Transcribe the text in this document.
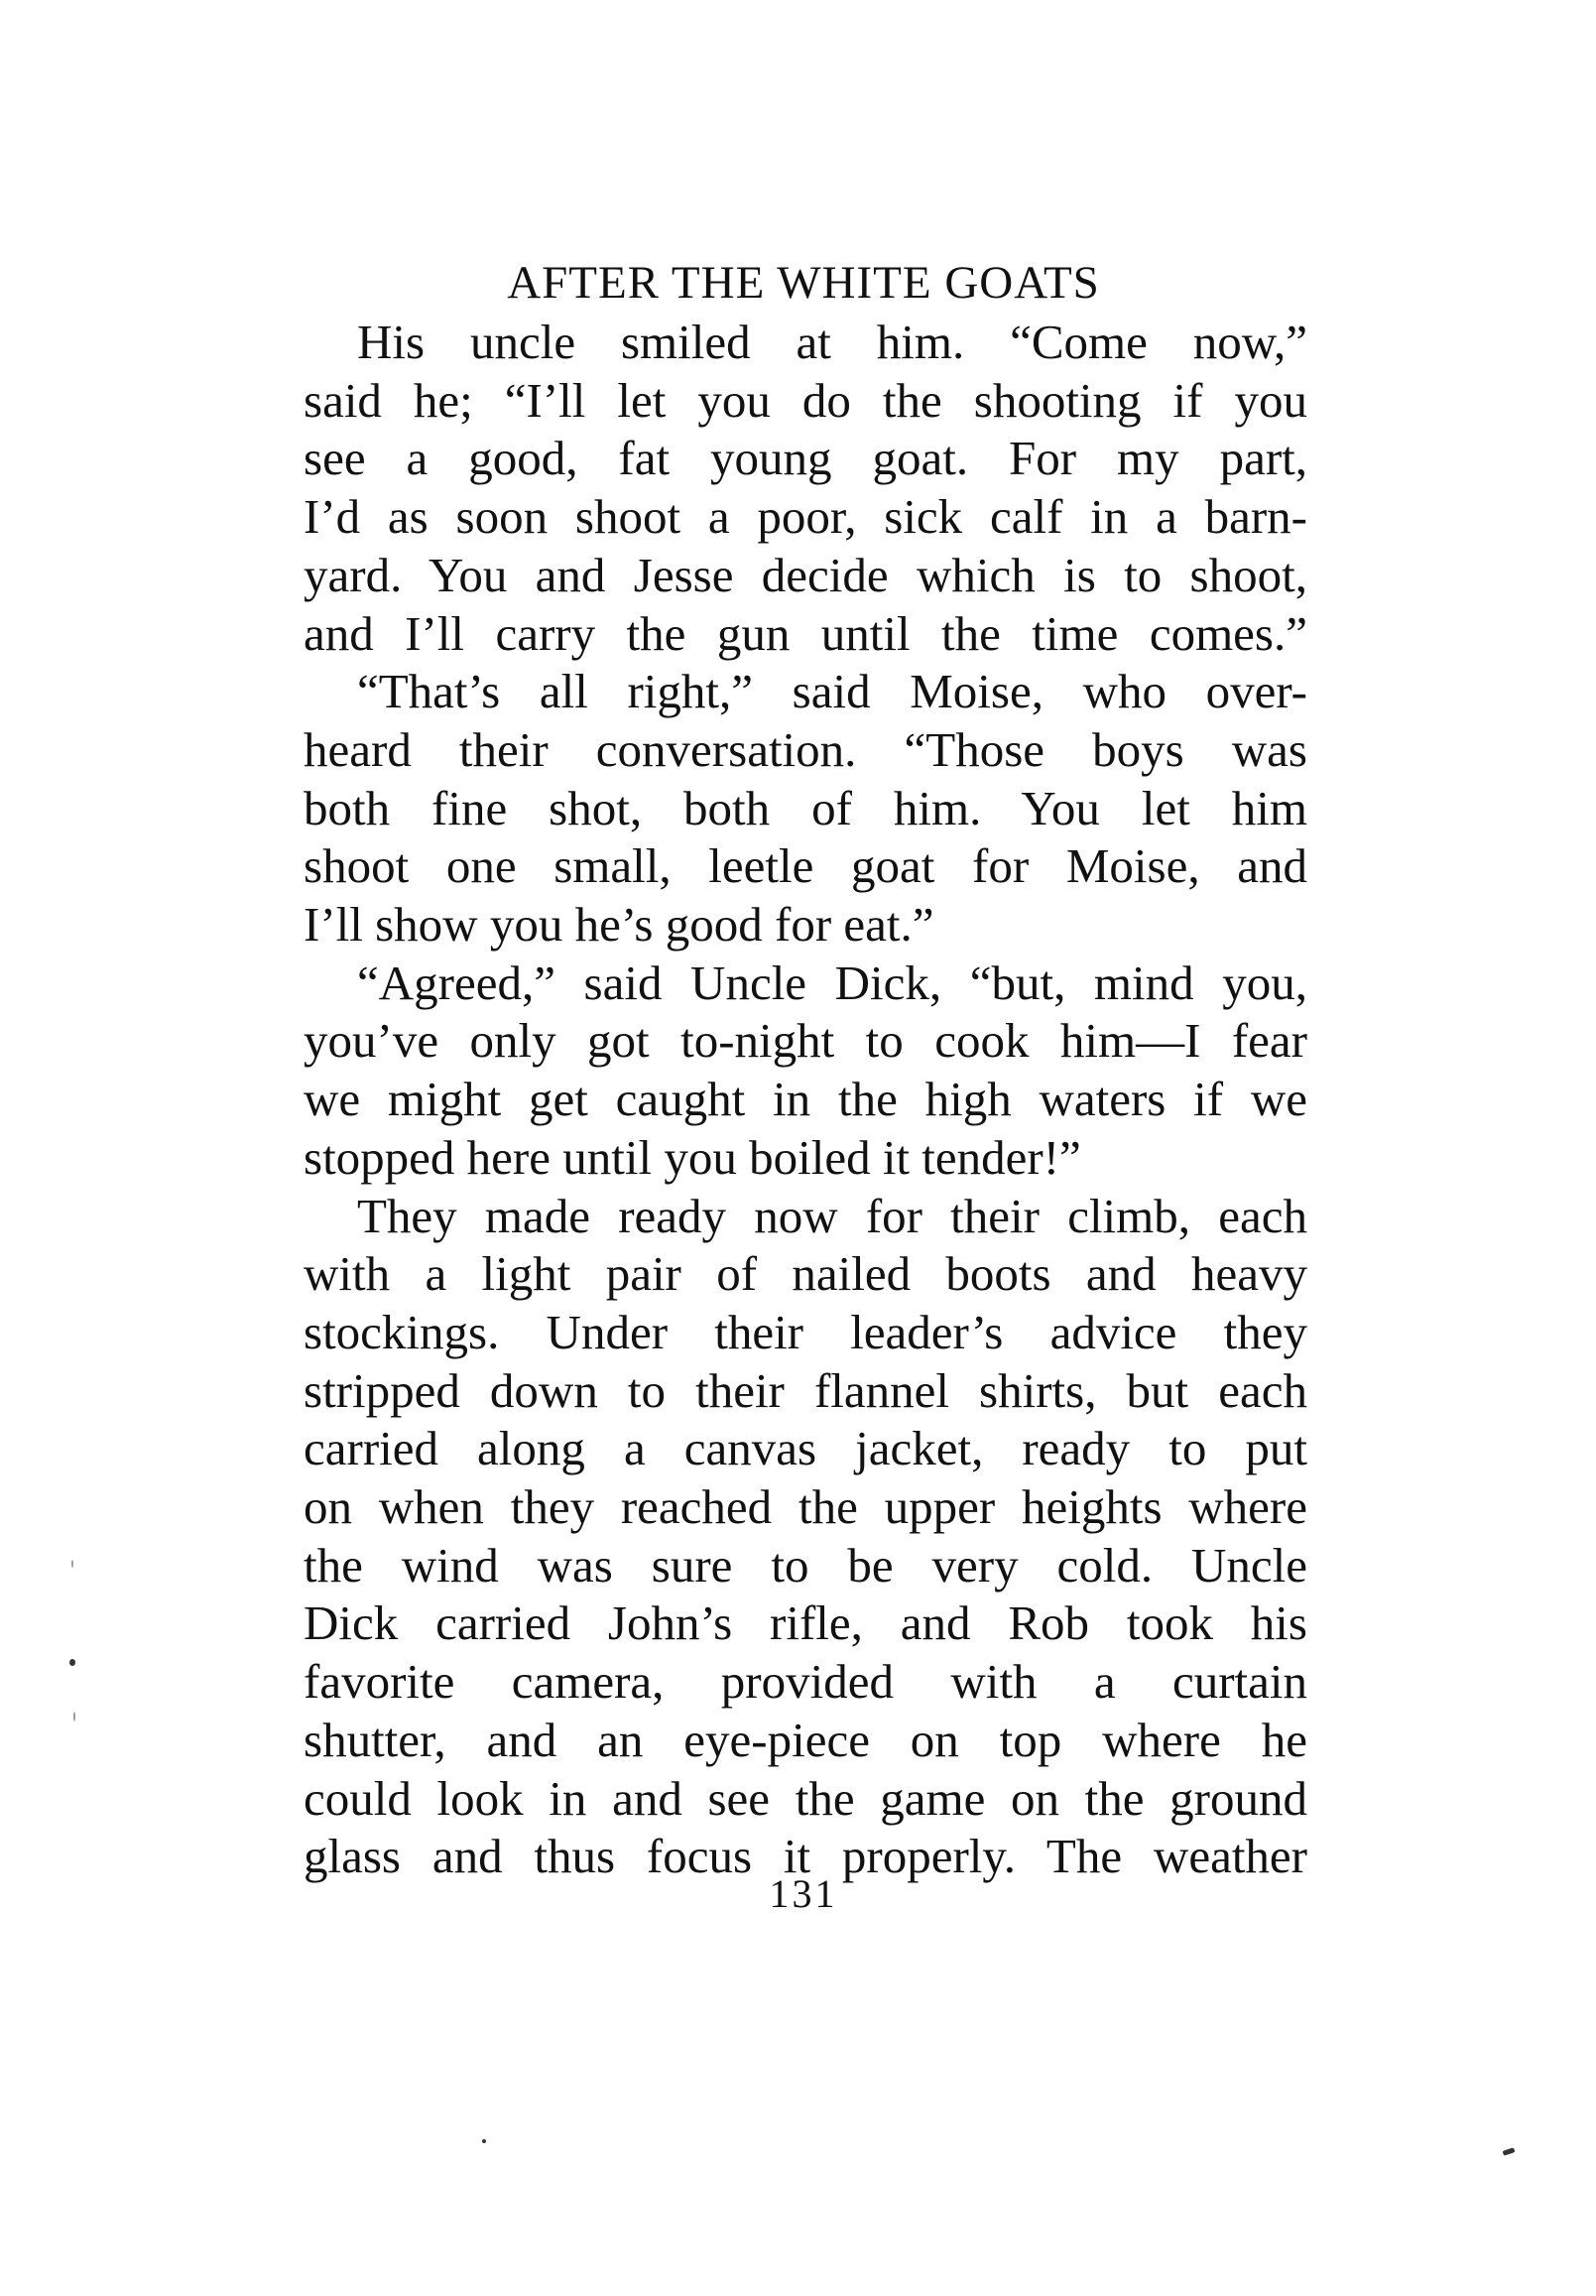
AFTER THE WHITE GOATS
His uncle smiled at him. “Come now,”
said he; “I’ll let you do the shooting if you
see a good, fat young goat. For my part,
I’d as soon shoot a poor, sick calf in a barn-
yard. You and Jesse decide which is to shoot,
and I’ll carry the gun until the time comes.”
“That’s all right,” said Moise, who over-
heard their conversation. “Those boys was
both fine shot, both of him. You let him
shoot one small, leetle goat for Moise, and
I’ll show you he’s good for eat.”
“Agreed,” said Uncle Dick, “but, mind you,
you’ve only got to-night to cook him—I fear
we might get caught in the high waters if we
stopped here until you boiled it tender!”
They made ready now for their climb, each
with a light pair of nailed boots and heavy
stockings. Under their leader’s advice they
stripped down to their flannel shirts, but each
carried along a canvas jacket, ready to put
on when they reached the upper heights where
the wind was sure to be very cold. Uncle
Dick carried John’s rifle, and Rob took his
favorite camera, provided with a curtain
shutter, and an eye-piece on top where he
could look in and see the game on the ground
glass and thus focus it properly. The weather
131
